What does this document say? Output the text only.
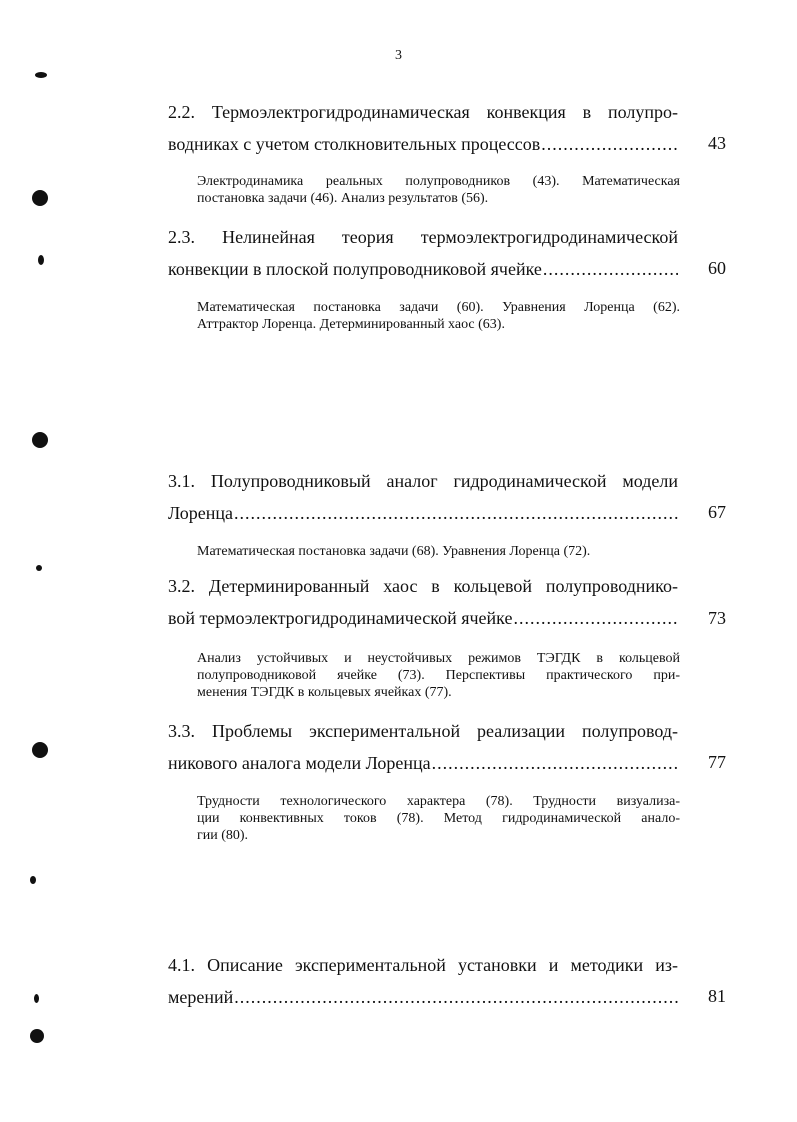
3
2.2. Термоэлектрогидродинамическая конвекция в полупро-
водниках с учетом столкновительных процессов .....	43
Электродинамика реальных полупроводников (43). Математическая
постановка задачи (46). Анализ результатов (56).
2.3. Нелинейная теория термоэлектрогидродинамической
конвекции в плоской полупроводниковой ячейке .....	60
Математическая постановка задачи (60). Уравнения Лоренца (62).
Аттрактор Лоренца. Детерминированный хаос (63).
3.1. Полупроводниковый аналог гидродинамической модели
Лоренца .....	67
Математическая постановка задачи (68). Уравнения Лоренца (72).
3.2. Детерминированный хаос в кольцевой полупроводнико-
вой термоэлектрогидродинамической ячейке .....	73
Анализ устойчивых и неустойчивых режимов ТЭГДК в кольцевой
полупроводниковой ячейке (73). Перспективы практического при-
менения ТЭГДК в кольцевых ячейках (77).
3.3. Проблемы экспериментальной реализации полупровод-
никового аналога модели Лоренца .....	77
Трудности технологического характера (78). Трудности визуализа-
ции конвективных токов (78). Метод гидродинамической анало-
гии (80).
4.1. Описание экспериментальной установки и методики из-
мерений .....	81
